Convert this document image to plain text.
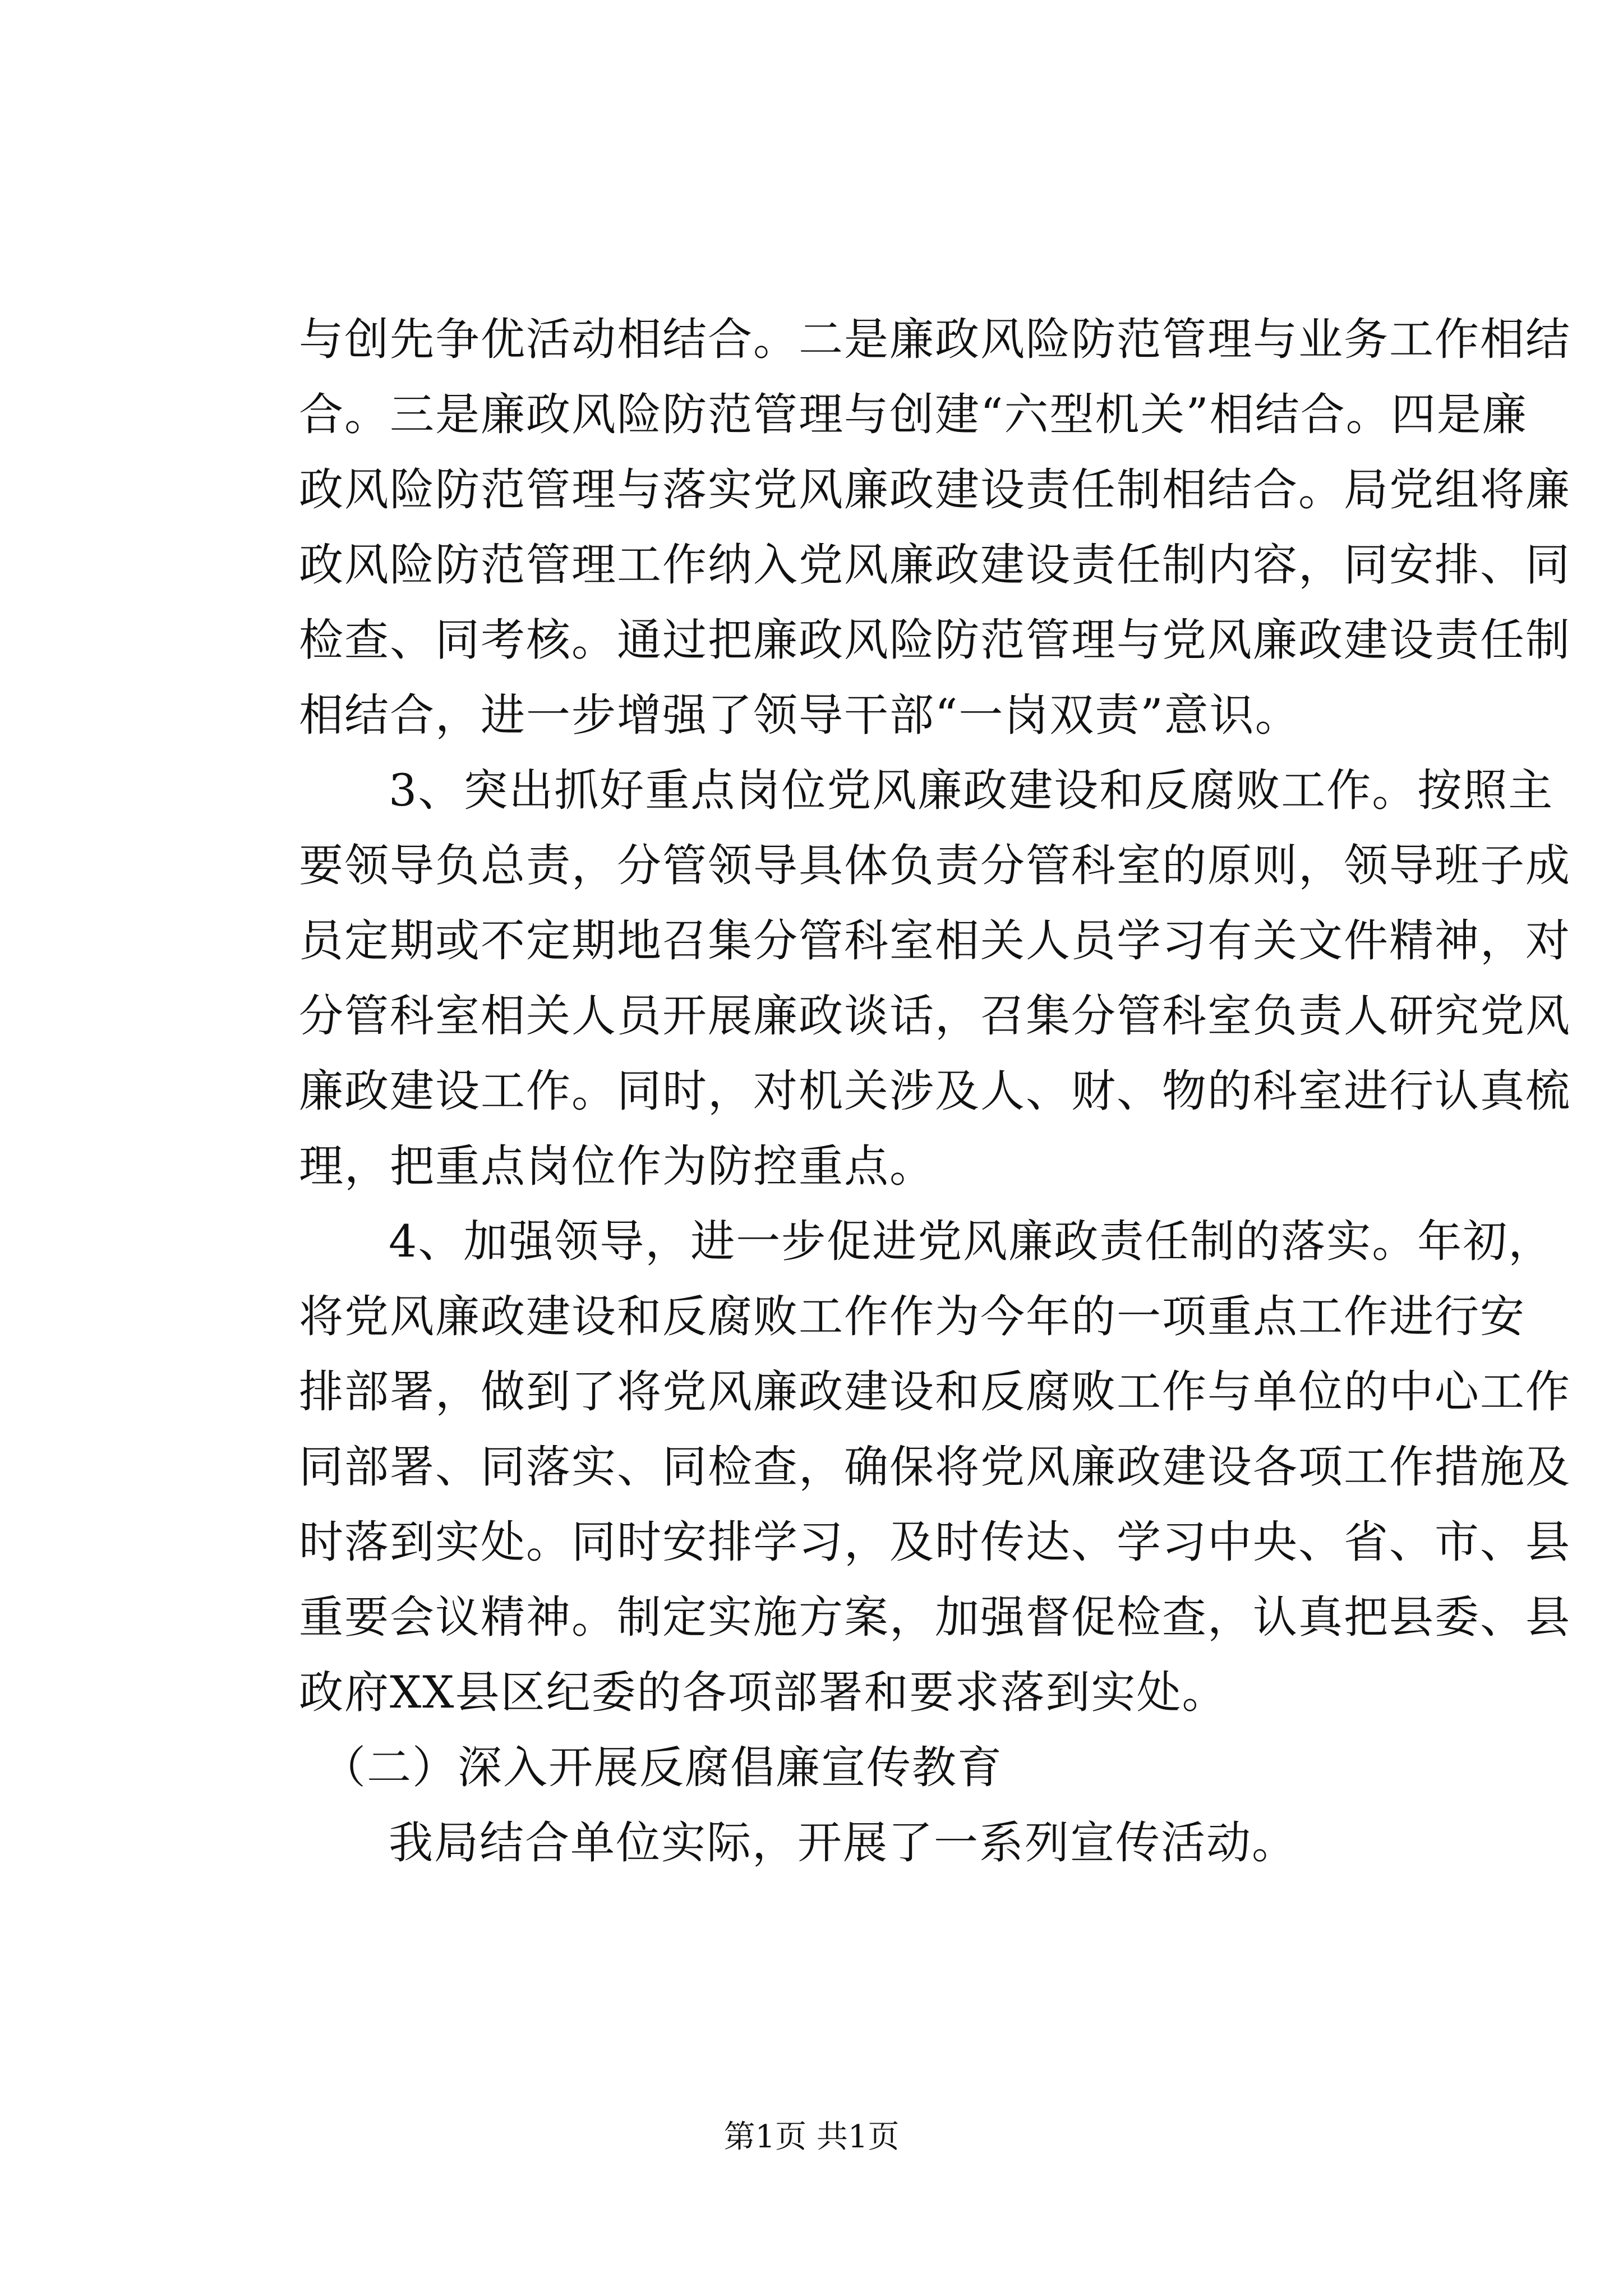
与创先争优活动相结合。二是廉政风险防范管理与业务工作相结
合。三是廉政风险防范管理与创建“六型机关”相结合。四是廉
政风险防范管理与落实党风廉政建设责任制相结合。局党组将廉
政风险防范管理工作纳入党风廉政建设责任制内容，同安排、同
检查、同考核。通过把廉政风险防范管理与党风廉政建设责任制
相结合，进一步增强了领导干部“一岗双责”意识。
3、突出抓好重点岗位党风廉政建设和反腐败工作。按照主
要领导负总责，分管领导具体负责分管科室的原则，领导班子成
员定期或不定期地召集分管科室相关人员学习有关文件精神，对
分管科室相关人员开展廉政谈话，召集分管科室负责人研究党风
廉政建设工作。同时，对机关涉及人、财、物的科室进行认真梳
理，把重点岗位作为防控重点。
4、加强领导，进一步促进党风廉政责任制的落实。年初，
将党风廉政建设和反腐败工作作为今年的一项重点工作进行安
排部署，做到了将党风廉政建设和反腐败工作与单位的中心工作
同部署、同落实、同检查，确保将党风廉政建设各项工作措施及
时落到实处。同时安排学习，及时传达、学习中央、省、市、县
重要会议精神。制定实施方案，加强督促检查，认真把县委、县
政府XX县区纪委的各项部署和要求落到实处。
（二）深入开展反腐倡廉宣传教育
我局结合单位实际，开展了一系列宣传活动。
第1页 共1页
